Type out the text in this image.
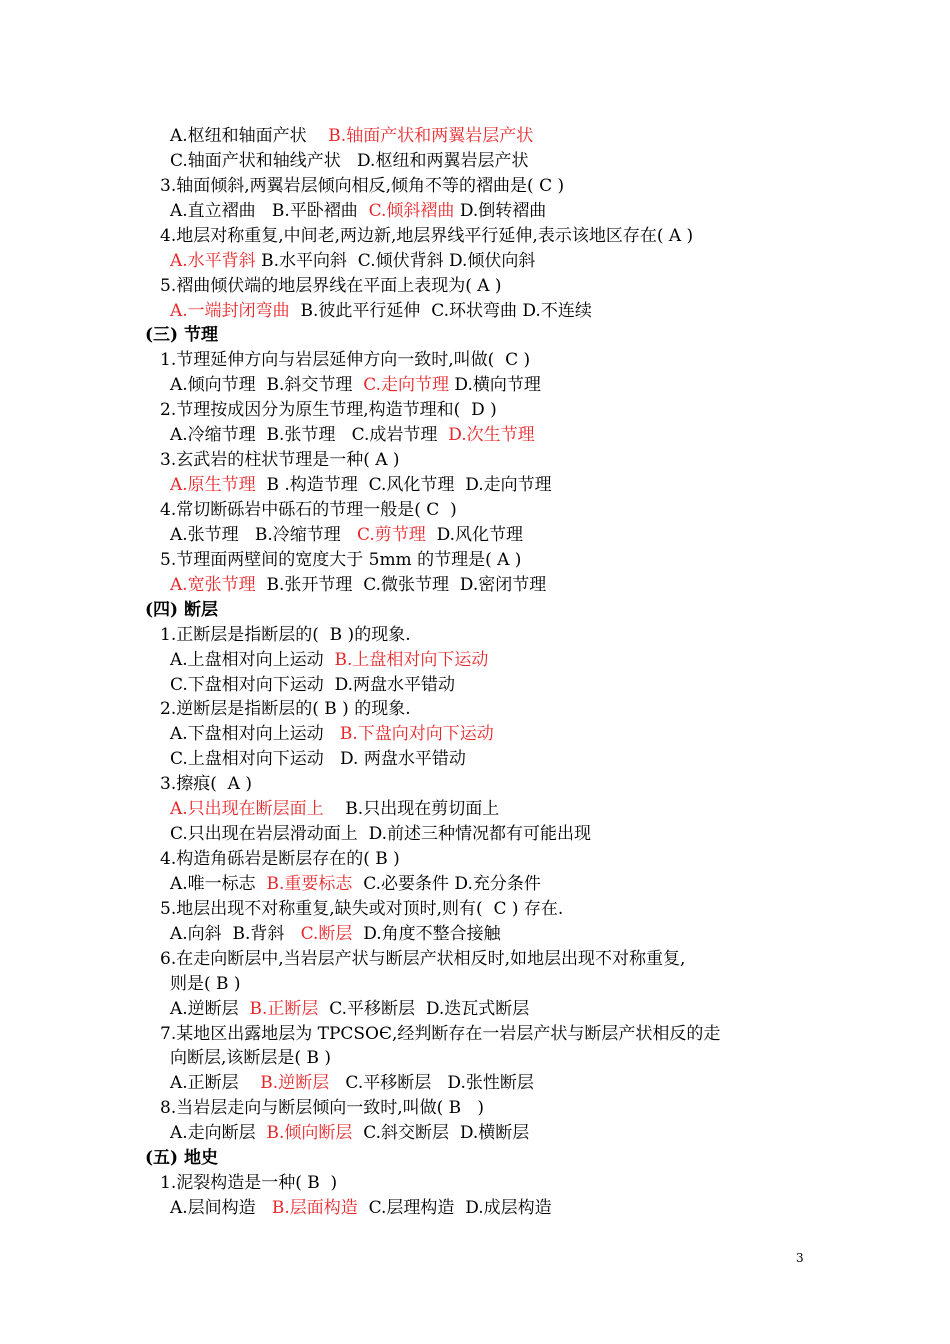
A.枢纽和轴面产状    B.轴面产状和两翼岩层产状
C.轴面产状和轴线产状   D.枢纽和两翼岩层产状
3.轴面倾斜,两翼岩层倾向相反,倾角不等的褶曲是( C )
A.直立褶曲   B.平卧褶曲  C.倾斜褶曲 D.倒转褶曲
4.地层对称重复,中间老,两边新,地层界线平行延伸,表示该地区存在( A )
A.水平背斜 B.水平向斜  C.倾伏背斜 D.倾伏向斜
5.褶曲倾伏端的地层界线在平面上表现为( A )
A.一端封闭弯曲  B.彼此平行延伸  C.环状弯曲 D.不连续
(三) 节理
1.节理延伸方向与岩层延伸方向一致时,叫做(  C )
A.倾向节理  B.斜交节理  C.走向节理 D.横向节理
2.节理按成因分为原生节理,构造节理和(  D )
A.冷缩节理  B.张节理   C.成岩节理  D.次生节理
3.玄武岩的柱状节理是一种( A )
A.原生节理  B .构造节理  C.风化节理  D.走向节理
4.常切断砾岩中砾石的节理一般是( C  )
A.张节理   B.冷缩节理   C.剪节理  D.风化节理
5.节理面两壁间的宽度大于 5mm 的节理是( A )
A.宽张节理  B.张开节理  C.微张节理  D.密闭节理
(四) 断层
1.正断层是指断层的(  B )的现象.
A.上盘相对向上运动  B.上盘相对向下运动
C.下盘相对向下运动  D.两盘水平错动
2.逆断层是指断层的( B ) 的现象.
A.下盘相对向上运动   B.下盘向对向下运动
C.上盘相对向下运动   D. 两盘水平错动
3.擦痕(  A )
A.只出现在断层面上    B.只出现在剪切面上
C.只出现在岩层滑动面上  D.前述三种情况都有可能出现
4.构造角砾岩是断层存在的( B )
A.唯一标志  B.重要标志  C.必要条件 D.充分条件
5.地层出现不对称重复,缺失或对顶时,则有(  C ) 存在.
A.向斜  B.背斜   C.断层  D.角度不整合接触
6.在走向断层中,当岩层产状与断层产状相反时,如地层出现不对称重复,
则是( B )
A.逆断层  B.正断层  C.平移断层  D.迭瓦式断层
7.某地区出露地层为 TPCSOЄ,经判断存在一岩层产状与断层产状相反的走
向断层,该断层是( B )
A.正断层    B.逆断层   C.平移断层   D.张性断层
8.当岩层走向与断层倾向一致时,叫做( B   )
A.走向断层  B.倾向断层  C.斜交断层  D.横断层
(五) 地史
1.泥裂构造是一种( B  )
A.层间构造   B.层面构造  C.层理构造  D.成层构造
3
